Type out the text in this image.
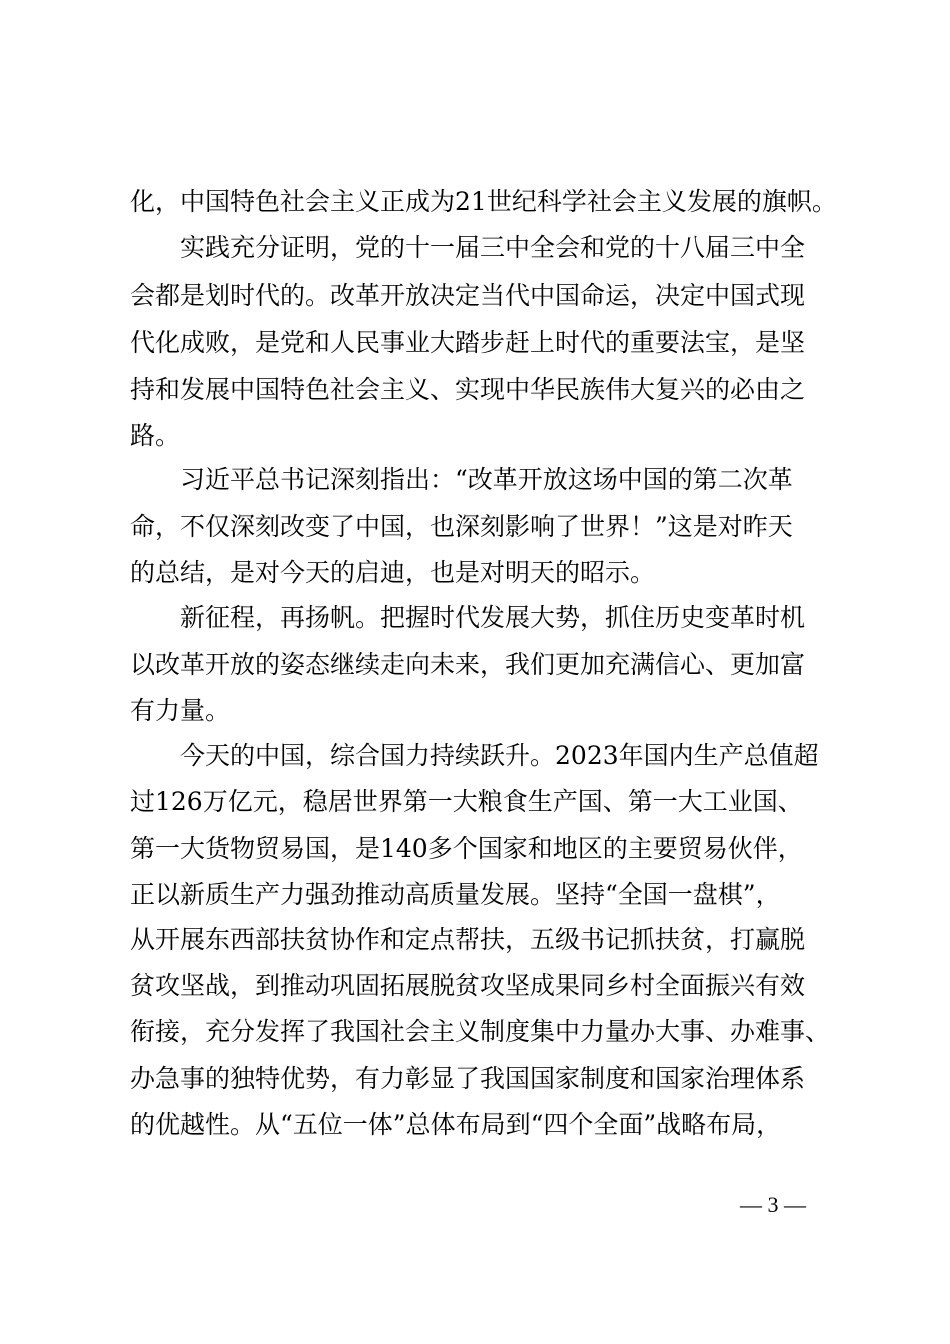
化，中国特色社会主义正成为21世纪科学社会主义发展的旗帜。
实践充分证明，党的十一届三中全会和党的十八届三中全
会都是划时代的。改革开放决定当代中国命运，决定中国式现
代化成败，是党和人民事业大踏步赶上时代的重要法宝，是坚
持和发展中国特色社会主义、实现中华民族伟大复兴的必由之
路。
习近平总书记深刻指出：“改革开放这场中国的第二次革
命，不仅深刻改变了中国，也深刻影响了世界！”这是对昨天
的总结，是对今天的启迪，也是对明天的昭示。
新征程，再扬帆。把握时代发展大势，抓住历史变革时机
以改革开放的姿态继续走向未来，我们更加充满信心、更加富
有力量。
今天的中国，综合国力持续跃升。2023年国内生产总值超
过126万亿元，稳居世界第一大粮食生产国、第一大工业国、
第一大货物贸易国，是140多个国家和地区的主要贸易伙伴，
正以新质生产力强劲推动高质量发展。坚持“全国一盘棋”，
从开展东西部扶贫协作和定点帮扶，五级书记抓扶贫，打赢脱
贫攻坚战，到推动巩固拓展脱贫攻坚成果同乡村全面振兴有效
衔接，充分发挥了我国社会主义制度集中力量办大事、办难事、
办急事的独特优势，有力彰显了我国国家制度和国家治理体系
的优越性。从“五位一体”总体布局到“四个全面”战略布局，
— 3 —
